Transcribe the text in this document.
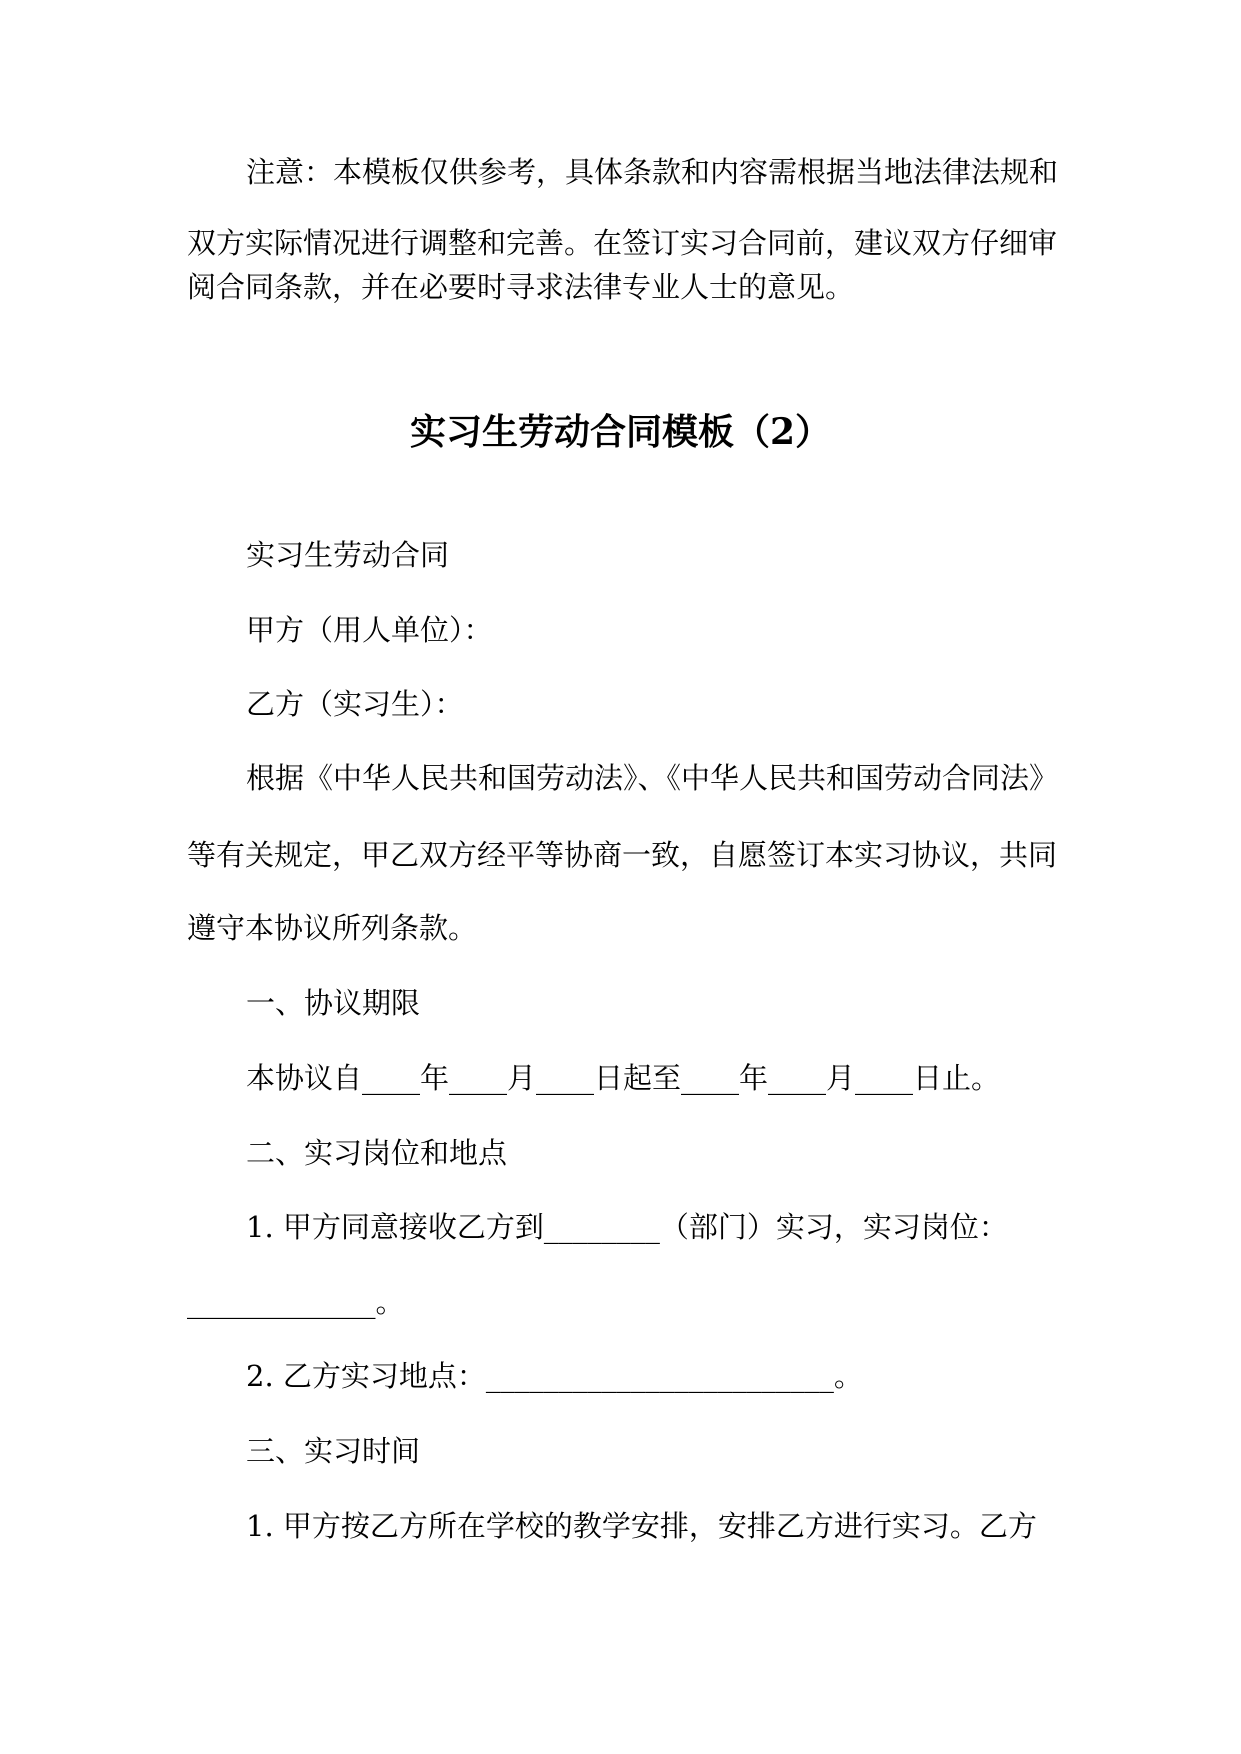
注意：本模板仅供参考，具体条款和内容需根据当地法律法规和
双方实际情况进行调整和完善。在签订实习合同前，建议双方仔细审
阅合同条款，并在必要时寻求法律专业人士的意见。
实习生劳动合同模板（2）
实习生劳动合同
甲方（用人单位）：
乙方（实习生）：
根据《中华人民共和国劳动法》、《中华人民共和国劳动合同法》
等有关规定，甲乙双方经平等协商一致，自愿签订本实习协议，共同
遵守本协议所列条款。
一、协议期限
本协议自____年____月____日起至____年____月____日止。
二、实习岗位和地点
1. 甲方同意接收乙方到________（部门）实习，实习岗位：
_____________。
2. 乙方实习地点：________________________。
三、实习时间
1. 甲方按乙方所在学校的教学安排，安排乙方进行实习。乙方
